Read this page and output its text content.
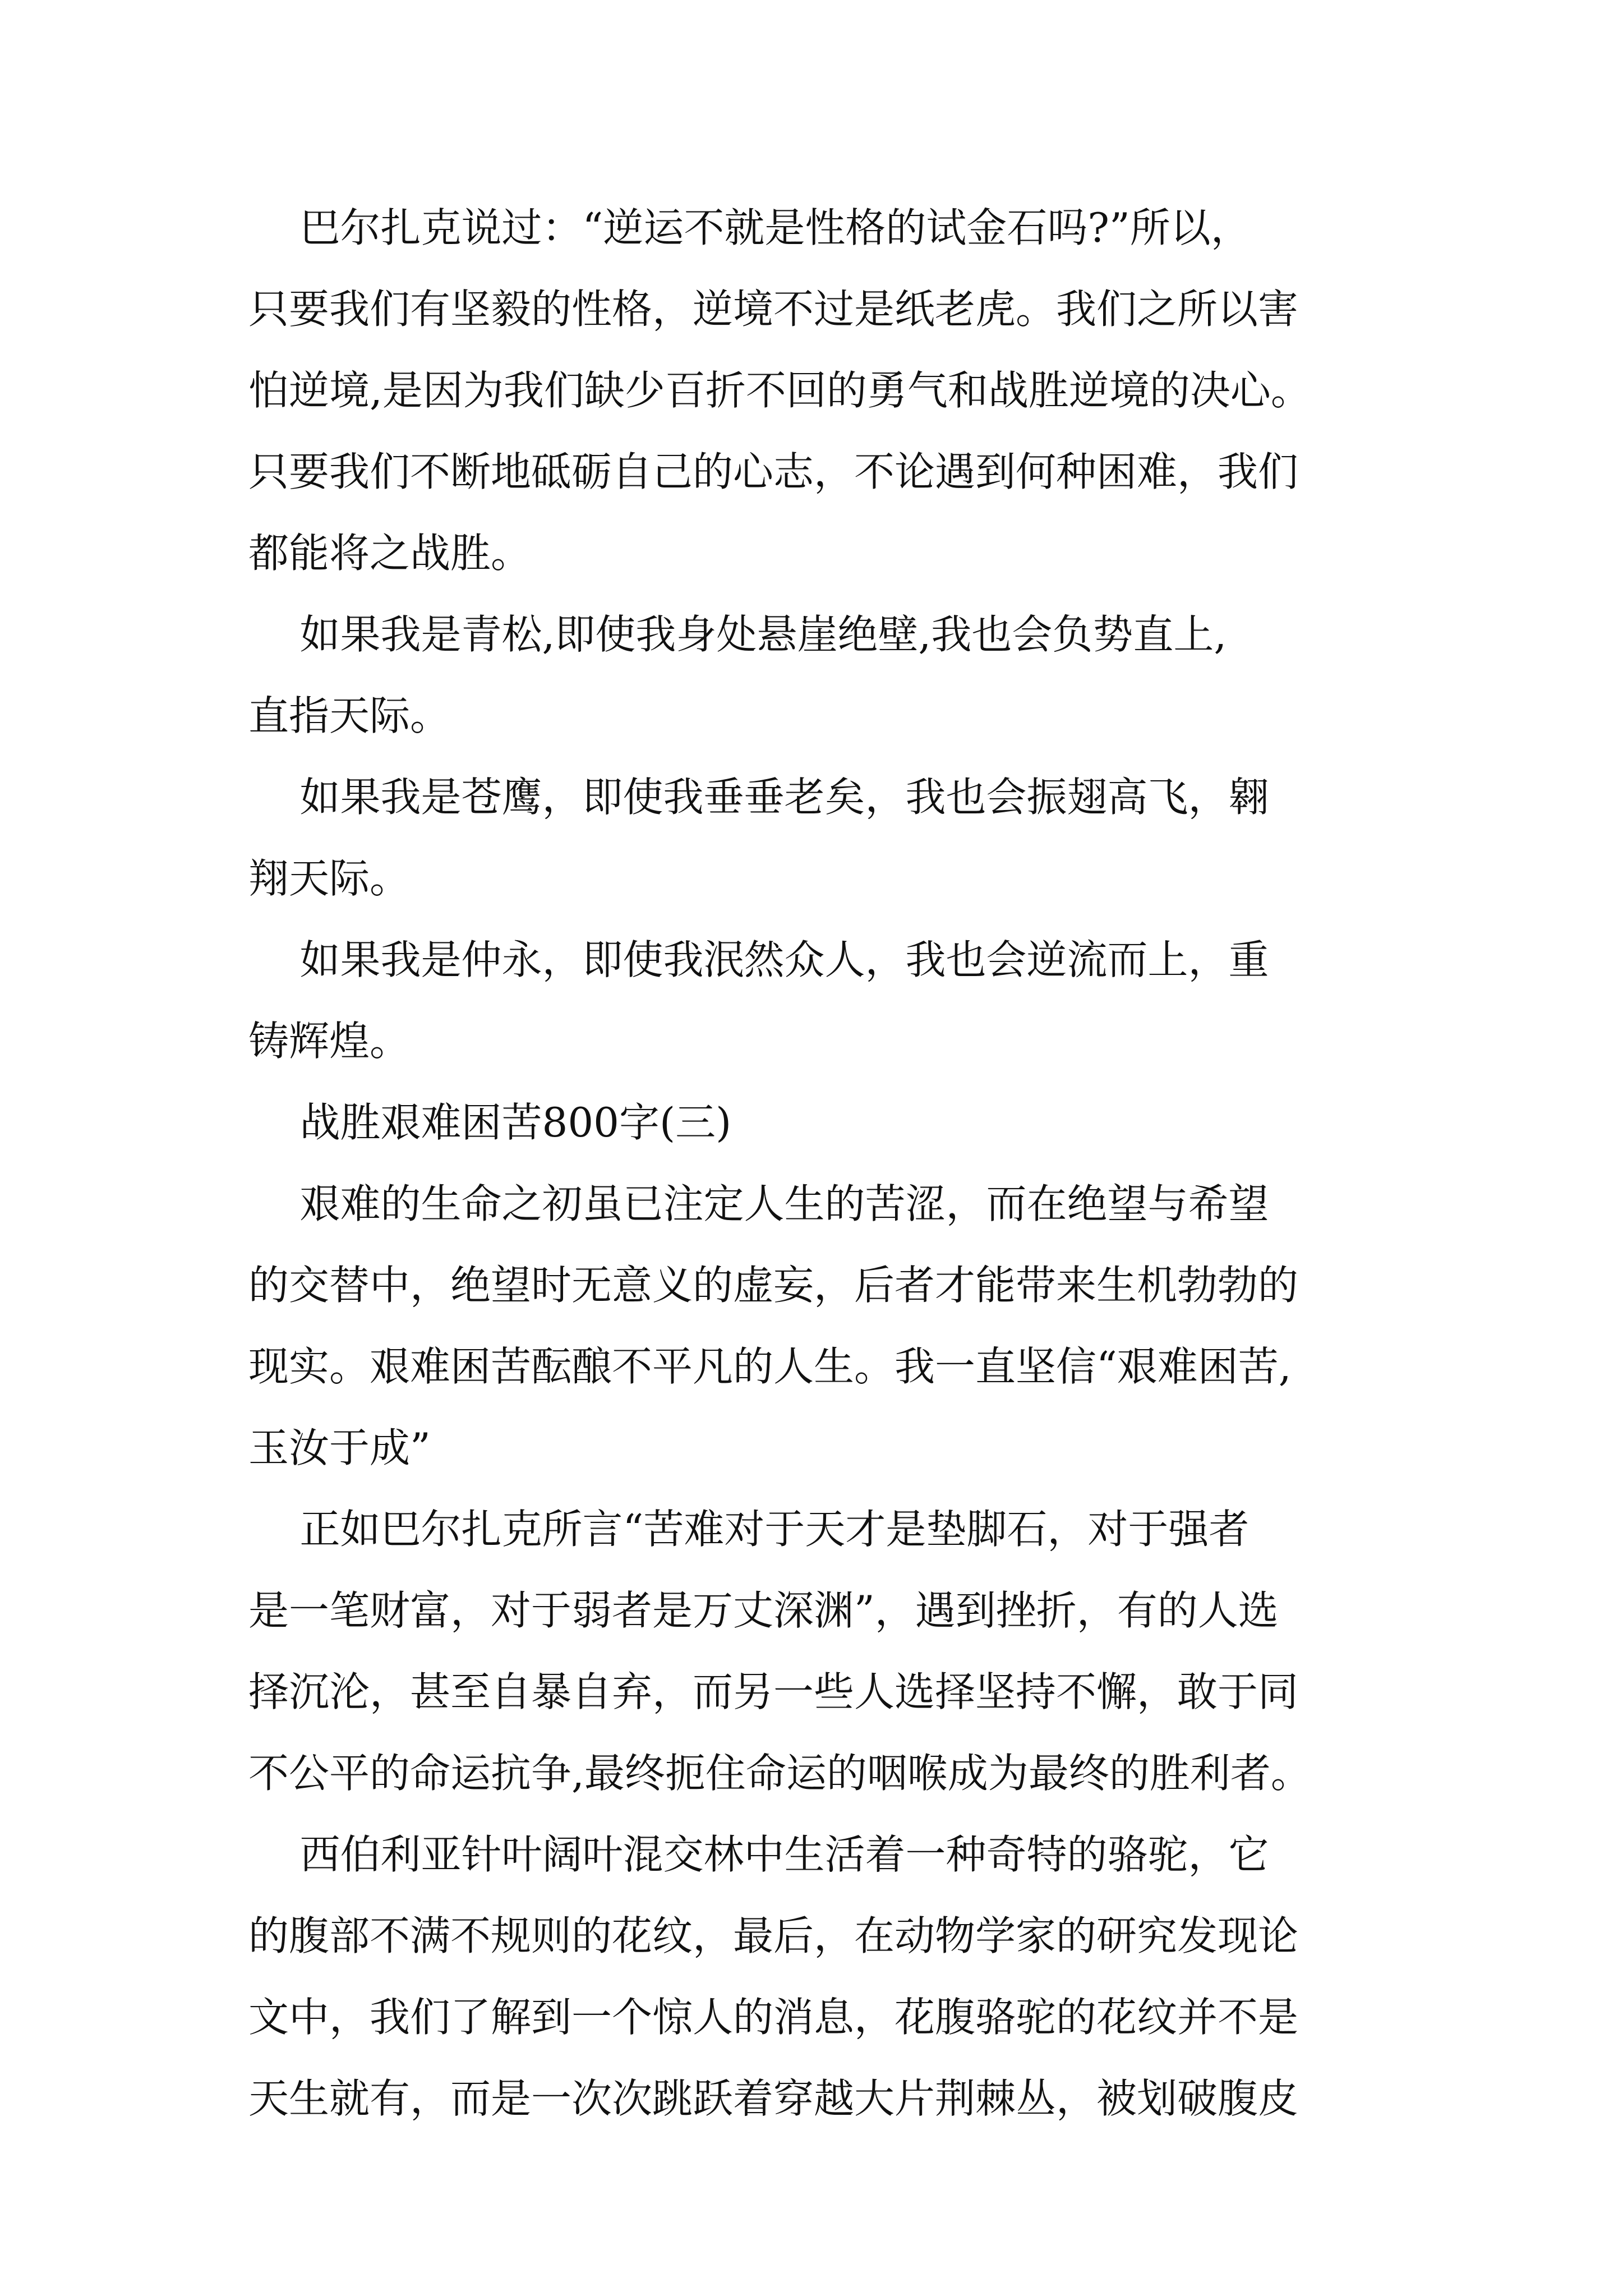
巴尔扎克说过：“逆运不就是性格的试金石吗?”所以，
只要我们有坚毅的性格，逆境不过是纸老虎。我们之所以害
怕逆境,是因为我们缺少百折不回的勇气和战胜逆境的决心。
只要我们不断地砥砺自己的心志，不论遇到何种困难，我们
都能将之战胜。
如果我是青松,即使我身处悬崖绝壁,我也会负势直上,
直指天际。
如果我是苍鹰，即使我垂垂老矣，我也会振翅高飞，翱
翔天际。
如果我是仲永，即使我泯然众人，我也会逆流而上，重
铸辉煌。
战胜艰难困苦800字(三)
艰难的生命之初虽已注定人生的苦涩，而在绝望与希望
的交替中，绝望时无意义的虚妄，后者才能带来生机勃勃的
现实。艰难困苦酝酿不平凡的人生。我一直坚信“艰难困苦,
玉汝于成”
正如巴尔扎克所言“苦难对于天才是垫脚石，对于强者
是一笔财富，对于弱者是万丈深渊”，遇到挫折，有的人选
择沉沦，甚至自暴自弃，而另一些人选择坚持不懈，敢于同
不公平的命运抗争,最终扼住命运的咽喉成为最终的胜利者。
西伯利亚针叶阔叶混交林中生活着一种奇特的骆驼，它
的腹部不满不规则的花纹，最后，在动物学家的研究发现论
文中，我们了解到一个惊人的消息，花腹骆驼的花纹并不是
天生就有，而是一次次跳跃着穿越大片荆棘丛，被划破腹皮
